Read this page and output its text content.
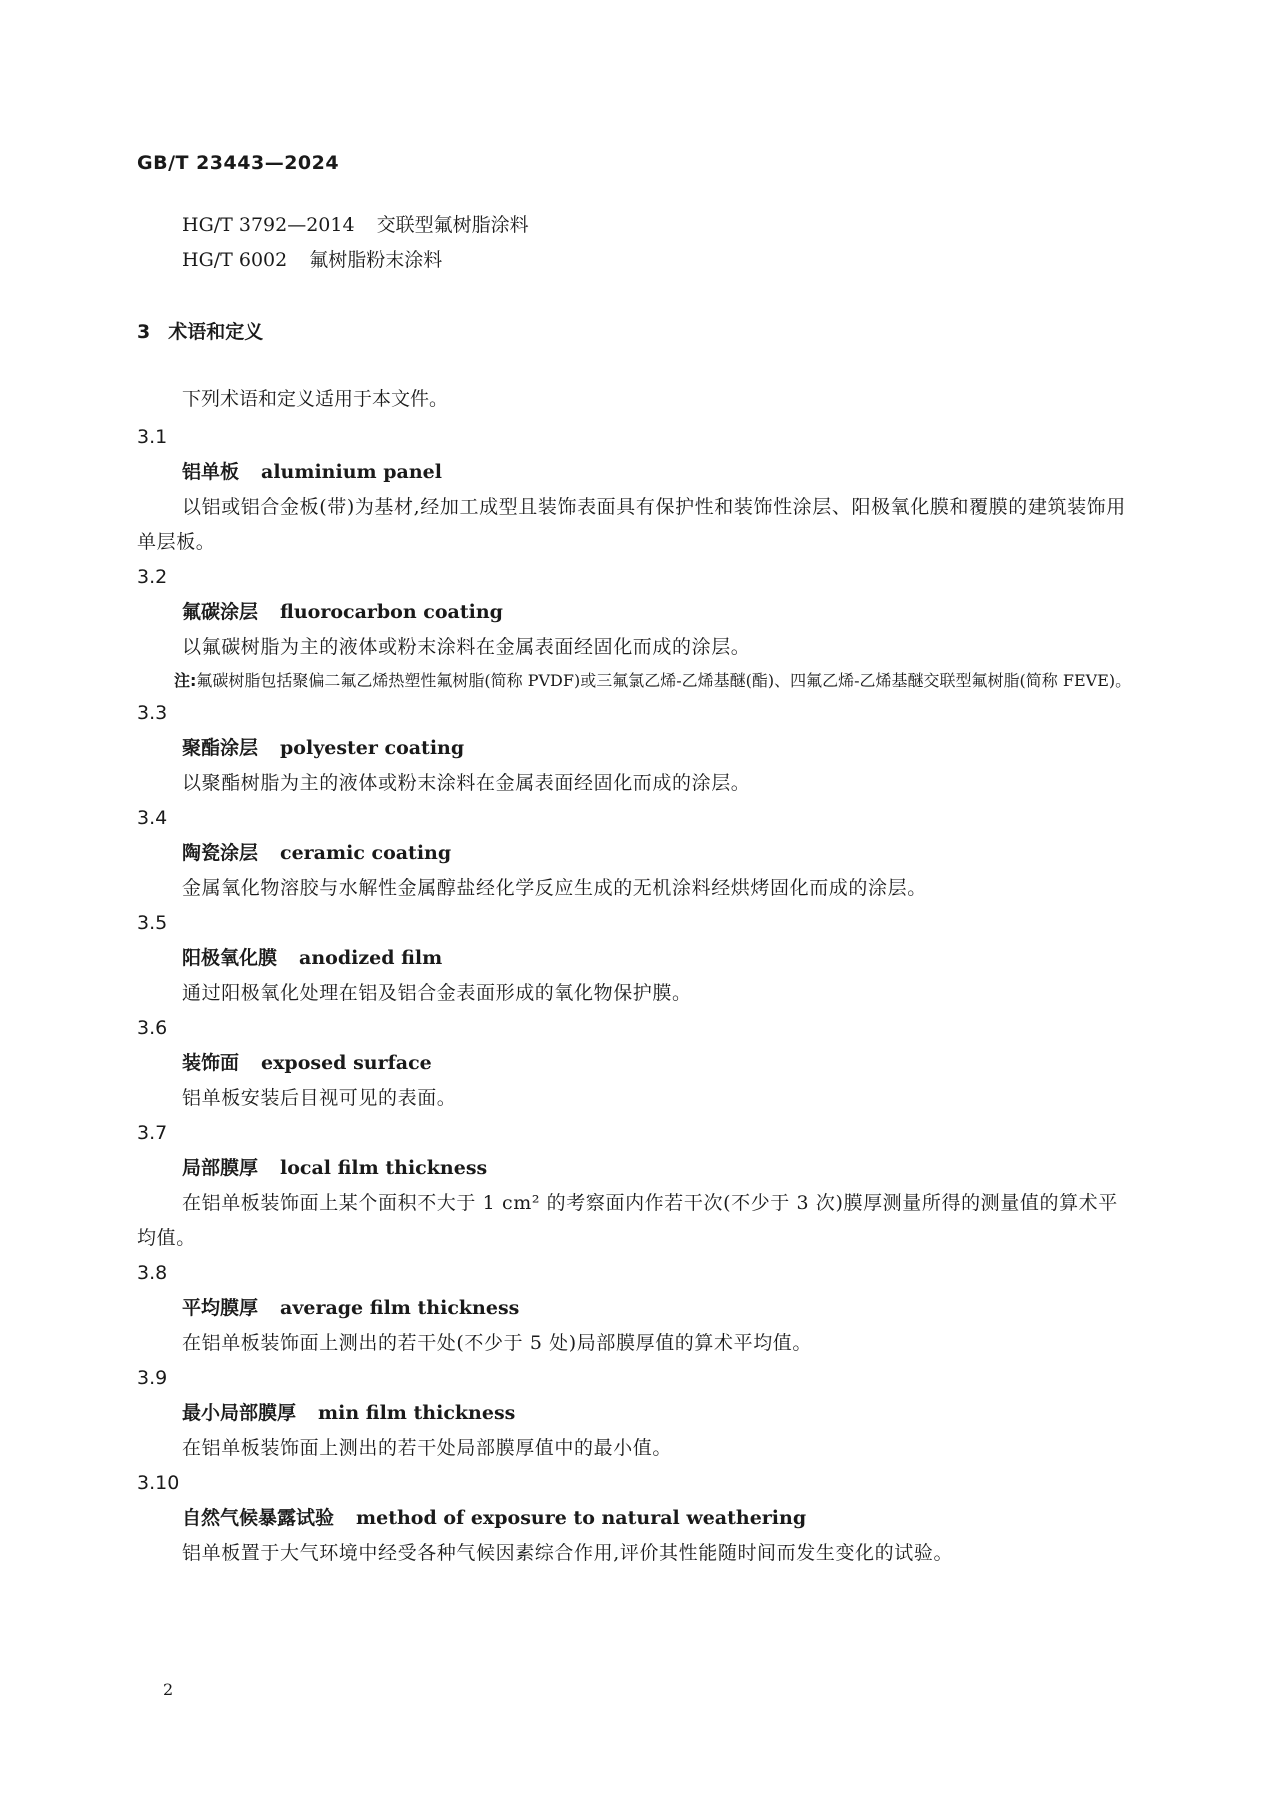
GB/T 23443—2024
HG/T 3792—2014 交联型氟树脂涂料
HG/T 6002 氟树脂粉末涂料
3 术语和定义
下列术语和定义适用于本文件。
3.1
铝单板 aluminium panel
以铝或铝合金板(带)为基材,经加工成型且装饰表面具有保护性和装饰性涂层、阳极氧化膜和覆膜的建筑装饰用单层板。
3.2
氟碳涂层 fluorocarbon coating
以氟碳树脂为主的液体或粉末涂料在金属表面经固化而成的涂层。
注:氟碳树脂包括聚偏二氟乙烯热塑性氟树脂(简称 PVDF)或三氟氯乙烯-乙烯基醚(酯)、四氟乙烯-乙烯基醚交联型氟树脂(简称 FEVE)。
3.3
聚酯涂层 polyester coating
以聚酯树脂为主的液体或粉末涂料在金属表面经固化而成的涂层。
3.4
陶瓷涂层 ceramic coating
金属氧化物溶胶与水解性金属醇盐经化学反应生成的无机涂料经烘烤固化而成的涂层。
3.5
阳极氧化膜 anodized film
通过阳极氧化处理在铝及铝合金表面形成的氧化物保护膜。
3.6
装饰面 exposed surface
铝单板安装后目视可见的表面。
3.7
局部膜厚 local film thickness
在铝单板装饰面上某个面积不大于 1 cm² 的考察面内作若干次(不少于 3 次)膜厚测量所得的测量值的算术平均值。
3.8
平均膜厚 average film thickness
在铝单板装饰面上测出的若干处(不少于 5 处)局部膜厚值的算术平均值。
3.9
最小局部膜厚 min film thickness
在铝单板装饰面上测出的若干处局部膜厚值中的最小值。
3.10
自然气候暴露试验 method of exposure to natural weathering
铝单板置于大气环境中经受各种气候因素综合作用,评价其性能随时间而发生变化的试验。
2
